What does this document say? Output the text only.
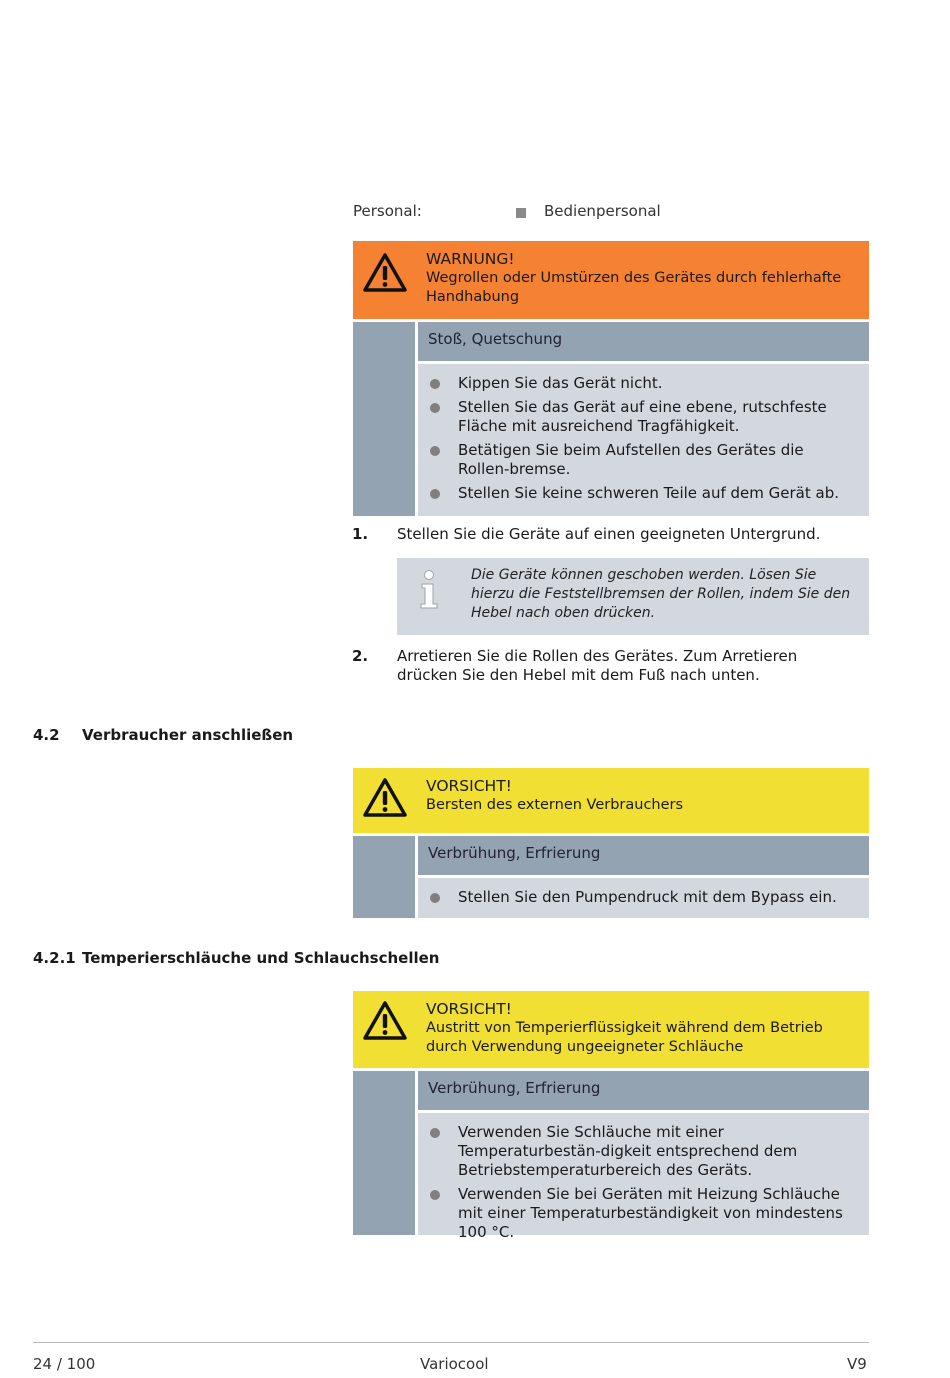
Personal:	Bedienpersonal
WARNUNG!
Wegrollen oder Umstürzen des Gerätes durch fehlerhafte Handhabung
Stoß, Quetschung
Kippen Sie das Gerät nicht.
Stellen Sie das Gerät auf eine ebene, rutschfeste Fläche mit ausreichend Tragfähigkeit.
Betätigen Sie beim Aufstellen des Gerätes die Rollen-bremse.
Stellen Sie keine schweren Teile auf dem Gerät ab.
1. Stellen Sie die Geräte auf einen geeigneten Untergrund.
Die Geräte können geschoben werden. Lösen Sie hierzu die Feststellbremsen der Rollen, indem Sie den Hebel nach oben drücken.
2. Arretieren Sie die Rollen des Gerätes. Zum Arretieren drücken Sie den Hebel mit dem Fuß nach unten.
4.2 Verbraucher anschließen
VORSICHT!
Bersten des externen Verbrauchers
Verbrühung, Erfrierung
Stellen Sie den Pumpendruck mit dem Bypass ein.
4.2.1 Temperierschläuche und Schlauchschellen
VORSICHT!
Austritt von Temperierflüssigkeit während dem Betrieb durch Verwendung ungeeigneter Schläuche
Verbrühung, Erfrierung
Verwenden Sie Schläuche mit einer Temperaturbestän-digkeit entsprechend dem Betriebstemperaturbereich des Geräts.
Verwenden Sie bei Geräten mit Heizung Schläuche mit einer Temperaturbeständigkeit von mindestens 100 °C.
24 / 100	Variocool	V9
